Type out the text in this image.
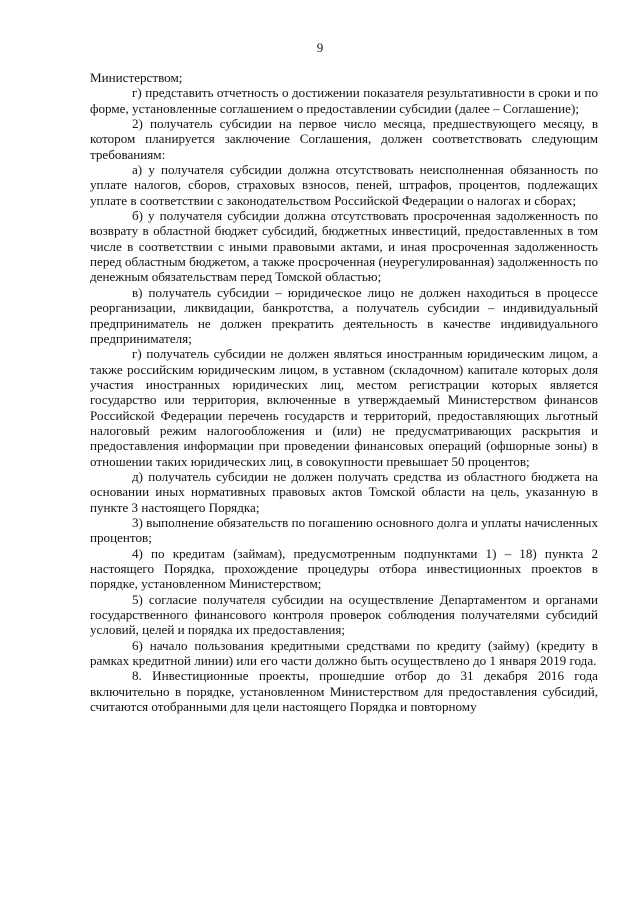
9

Министерством;

г) представить отчетность о достижении показателя результативности в сроки и по форме, установленные соглашением о предоставлении субсидии (далее – Соглашение);

2) получатель субсидии на первое число месяца, предшествующего месяцу, в котором планируется заключение Соглашения, должен соответствовать следующим требованиям:

а) у получателя субсидии должна отсутствовать неисполненная обязанность по уплате налогов, сборов, страховых взносов, пеней, штрафов, процентов, подлежащих уплате в соответствии с законодательством Российской Федерации о налогах и сборах;

б) у получателя субсидии должна отсутствовать просроченная задолженность по возврату в областной бюджет субсидий, бюджетных инвестиций, предоставленных в том числе в соответствии с иными правовыми актами, и иная просроченная задолженность перед областным бюджетом, а также просроченная (неурегулированная) задолженность по денежным обязательствам перед Томской областью;

в) получатель субсидии – юридическое лицо не должен находиться в процессе реорганизации, ликвидации, банкротства, а получатель субсидии – индивидуальный предприниматель не должен прекратить деятельность в качестве индивидуального предпринимателя;

г) получатель субсидии не должен являться иностранным юридическим лицом, а также российским юридическим лицом, в уставном (складочном) капитале которых доля участия иностранных юридических лиц, местом регистрации которых является государство или территория, включенные в утверждаемый Министерством финансов Российской Федерации перечень государств и территорий, предоставляющих льготный налоговый режим налогообложения и (или) не предусматривающих раскрытия и предоставления информации при проведении финансовых операций (офшорные зоны) в отношении таких юридических лиц, в совокупности превышает 50 процентов;

д) получатель субсидии не должен получать средства из областного бюджета на основании иных нормативных правовых актов Томской области на цель, указанную в пункте 3 настоящего Порядка;

3) выполнение обязательств по погашению основного долга и уплаты начисленных процентов;

4) по кредитам (займам), предусмотренным подпунктами 1) – 18) пункта 2 настоящего Порядка, прохождение процедуры отбора инвестиционных проектов в порядке, установленном Министерством;

5) согласие получателя субсидии на осуществление Департаментом и органами государственного финансового контроля проверок соблюдения получателями субсидий условий, целей и порядка их предоставления;

6) начало пользования кредитными средствами по кредиту (займу) (кредиту в рамках кредитной линии) или его части должно быть осуществлено до 1 января 2019 года.

8. Инвестиционные проекты, прошедшие отбор до 31 декабря 2016 года включительно в порядке, установленном Министерством для предоставления субсидий, считаются отобранными для цели настоящего Порядка и повторному
